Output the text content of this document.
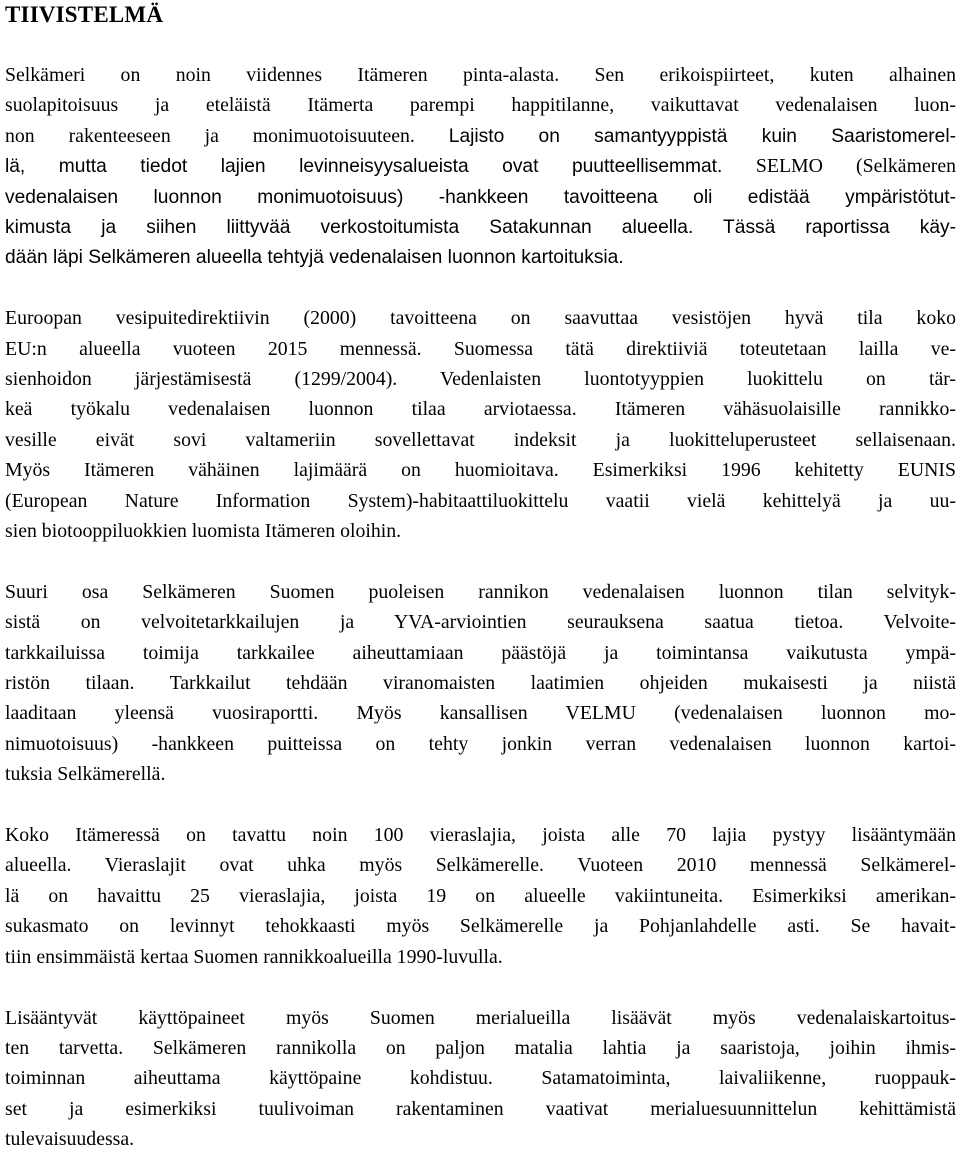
TIIVISTELMÄ
Selkämeri on noin viidennes Itämeren pinta-alasta. Sen erikoispiirteet, kuten alhainen
suolapitoisuus ja eteläistä Itämerta parempi happitilanne, vaikuttavat vedenalaisen luon-
non rakenteeseen ja monimuotoisuuteen. Lajisto on samantyyppistä kuin Saaristomerel-
lä, mutta tiedot lajien levinneisyysalueista ovat puutteellisemmat. SELMO (Selkämeren
vedenalaisen luonnon monimuotoisuus) -hankkeen tavoitteena oli edistää ympäristötut-
kimusta ja siihen liittyvää verkostoitumista Satakunnan alueella. Tässä raportissa käy-
dään läpi Selkämeren alueella tehtyjä vedenalaisen luonnon kartoituksia.
Euroopan vesipuitedirektiivin (2000) tavoitteena on saavuttaa vesistöjen hyvä tila koko
EU:n alueella vuoteen 2015 mennessä. Suomessa tätä direktiiviä toteutetaan lailla ve-
sienhoidon järjestämisestä (1299/2004). Vedenlaisten luontotyyppien luokittelu on tär-
keä työkalu vedenalaisen luonnon tilaa arviotaessa. Itämeren vähäsuolaisille rannikko-
vesille eivät sovi valtameriin sovellettavat indeksit ja luokitteluperusteet sellaisenaan.
Myös Itämeren vähäinen lajimäärä on huomioitava. Esimerkiksi 1996 kehitetty EUNIS
(European Nature Information System)-habitaattiluokittelu vaatii vielä kehittelyä ja uu-
sien biotooppiluokkien luomista Itämeren oloihin.
Suuri osa Selkämeren Suomen puoleisen rannikon vedenalaisen luonnon tilan selvityk-
sistä on velvoitetarkkailujen ja YVA-arviointien seurauksena saatua tietoa. Velvoite-
tarkkailuissa toimija tarkkailee aiheuttamiaan päästöjä ja toimintansa vaikutusta ympä-
ristön tilaan. Tarkkailut tehdään viranomaisten laatimien ohjeiden mukaisesti ja niistä
laaditaan yleensä vuosiraportti. Myös kansallisen VELMU (vedenalaisen luonnon mo-
nimuotoisuus) -hankkeen puitteissa on tehty jonkin verran vedenalaisen luonnon kartoi-
tuksia Selkämerellä.
Koko Itämeressä on tavattu noin 100 vieraslajia, joista alle 70 lajia pystyy lisääntymään
alueella. Vieraslajit ovat uhka myös Selkämerelle. Vuoteen 2010 mennessä Selkämerel-
lä on havaittu 25 vieraslajia, joista 19 on alueelle vakiintuneita. Esimerkiksi amerikan-
sukasmato on levinnyt tehokkaasti myös Selkämerelle ja Pohjanlahdelle asti. Se havait-
tiin ensimmäistä kertaa Suomen rannikkoalueilla 1990-luvulla.
Lisääntyvät käyttöpaineet myös Suomen merialueilla lisäävät myös vedenalaiskartoitus-
ten tarvetta. Selkämeren rannikolla on paljon matalia lahtia ja saaristoja, joihin ihmis-
toiminnan aiheuttama käyttöpaine kohdistuu. Satamatoiminta, laivaliikenne, ruoppauk-
set ja esimerkiksi tuulivoiman rakentaminen vaativat merialuesuunnittelun kehittämistä
tulevaisuudessa.
